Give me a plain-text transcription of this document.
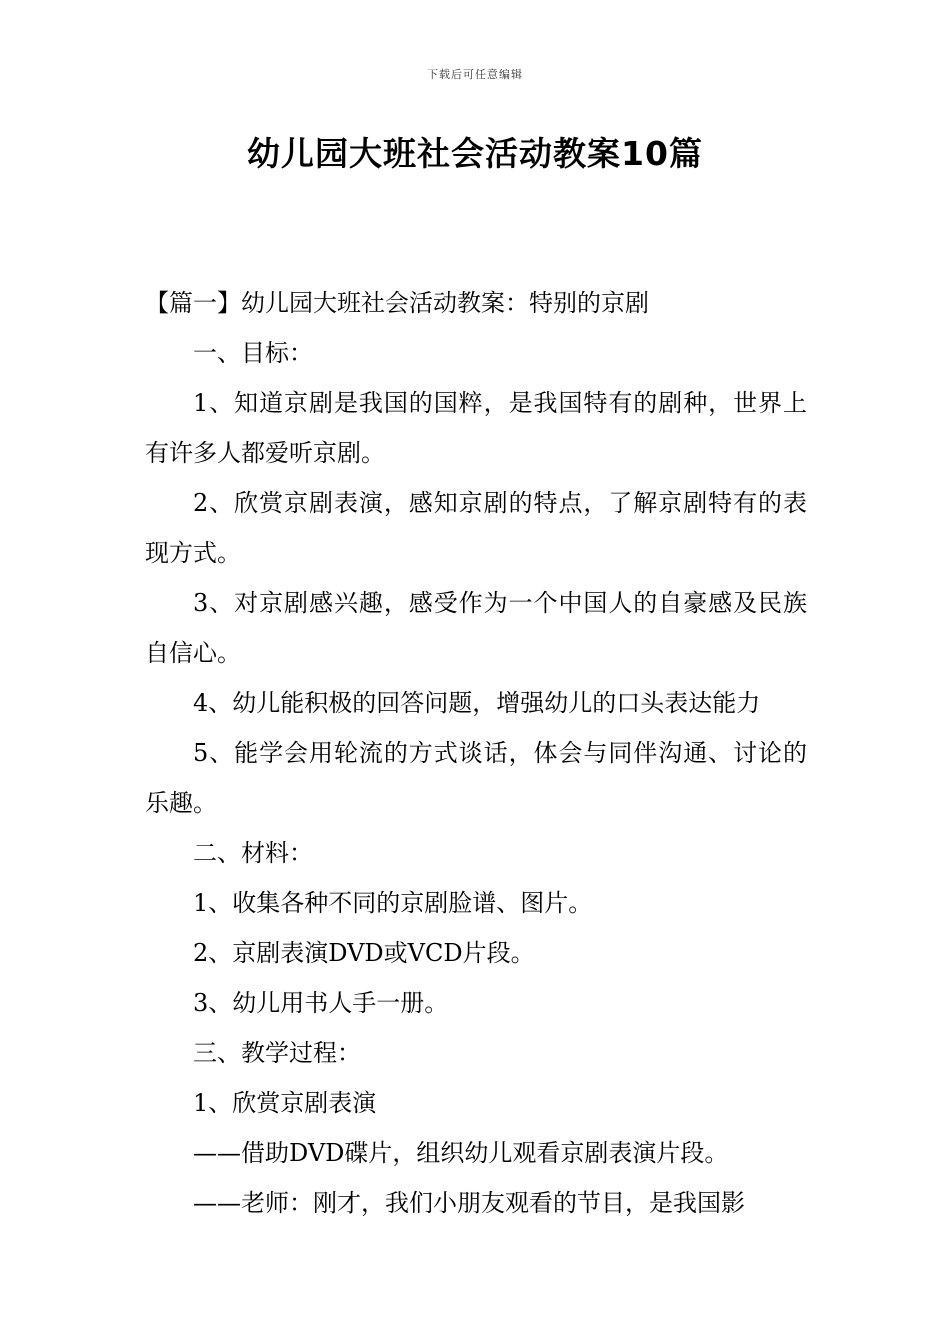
下载后可任意编辑
幼儿园大班社会活动教案10篇

【篇一】幼儿园大班社会活动教案：特别的京剧

一、目标：

1、知道京剧是我国的国粹，是我国特有的剧种，世界上有许多人都爱听京剧。

2、欣赏京剧表演，感知京剧的特点，了解京剧特有的表现方式。

3、对京剧感兴趣，感受作为一个中国人的自豪感及民族自信心。

4、幼儿能积极的回答问题，增强幼儿的口头表达能力

5、能学会用轮流的方式谈话，体会与同伴沟通、讨论的乐趣。

二、材料：

1、收集各种不同的京剧脸谱、图片。

2、京剧表演DVD或VCD片段。

3、幼儿用书人手一册。

三、教学过程：

1、欣赏京剧表演

——借助DVD碟片，组织幼儿观看京剧表演片段。

——老师：刚才，我们小朋友观看的节目，是我国影
